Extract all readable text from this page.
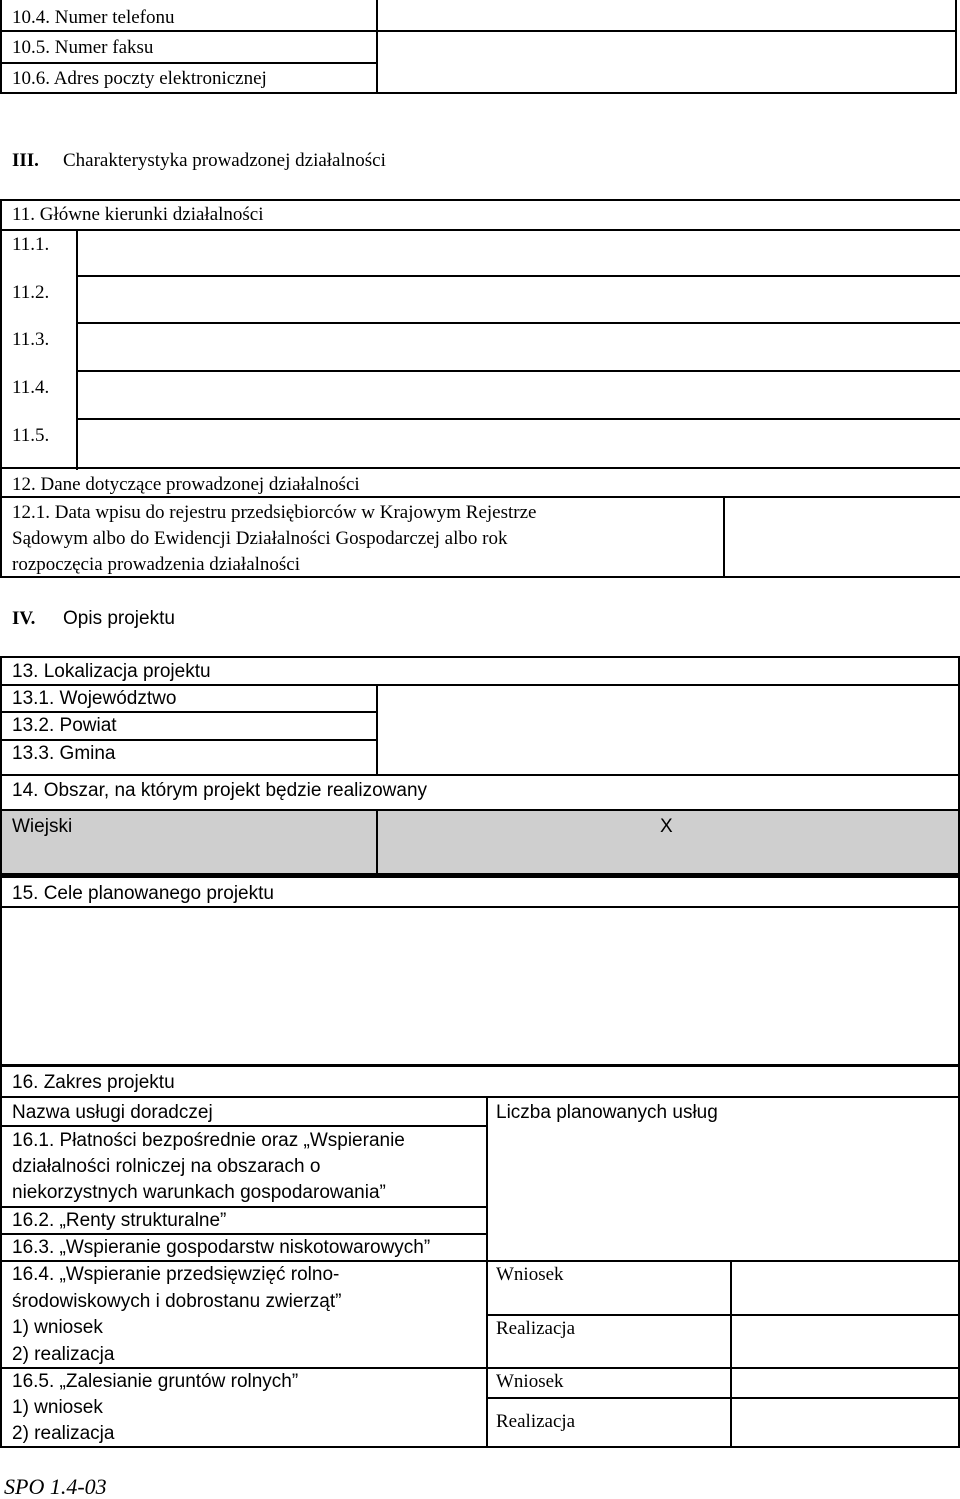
10.4. Numer telefonu
10.5. Numer faksu
10.6. Adres poczty elektronicznej
III. Charakterystyka prowadzonej działalności
11. Główne kierunki działalności
11.1.
11.2.
11.3.
11.4.
11.5.
12. Dane dotyczące prowadzonej działalności
12.1. Data wpisu do rejestru przedsiębiorców w Krajowym Rejestrze
Sądowym albo do Ewidencji Działalności Gospodarczej albo rok
rozpoczęcia prowadzenia działalności
IV. Opis projektu
13. Lokalizacja projektu
13.1. Województwo
13.2. Powiat
13.3. Gmina
14. Obszar, na którym projekt będzie realizowany
Wiejski	X
15. Cele planowanego projektu
16. Zakres projektu
Nazwa usługi doradczej	Liczba planowanych usług
16.1. Płatności bezpośrednie oraz „Wspieranie
działalności rolniczej na obszarach o
niekorzystnych warunkach gospodarowania”
16.2. „Renty strukturalne”
16.3. „Wspieranie gospodarstw niskotowarowych”
16.4. „Wspieranie przedsięwzięć rolno-
środowiskowych i dobrostanu zwierząt”
1) wniosek
2) realizacja
16.5. „Zalesianie gruntów rolnych”
1) wniosek
2) realizacja
Wniosek
Realizacja
Wniosek
Realizacja
SPO 1.4-03
